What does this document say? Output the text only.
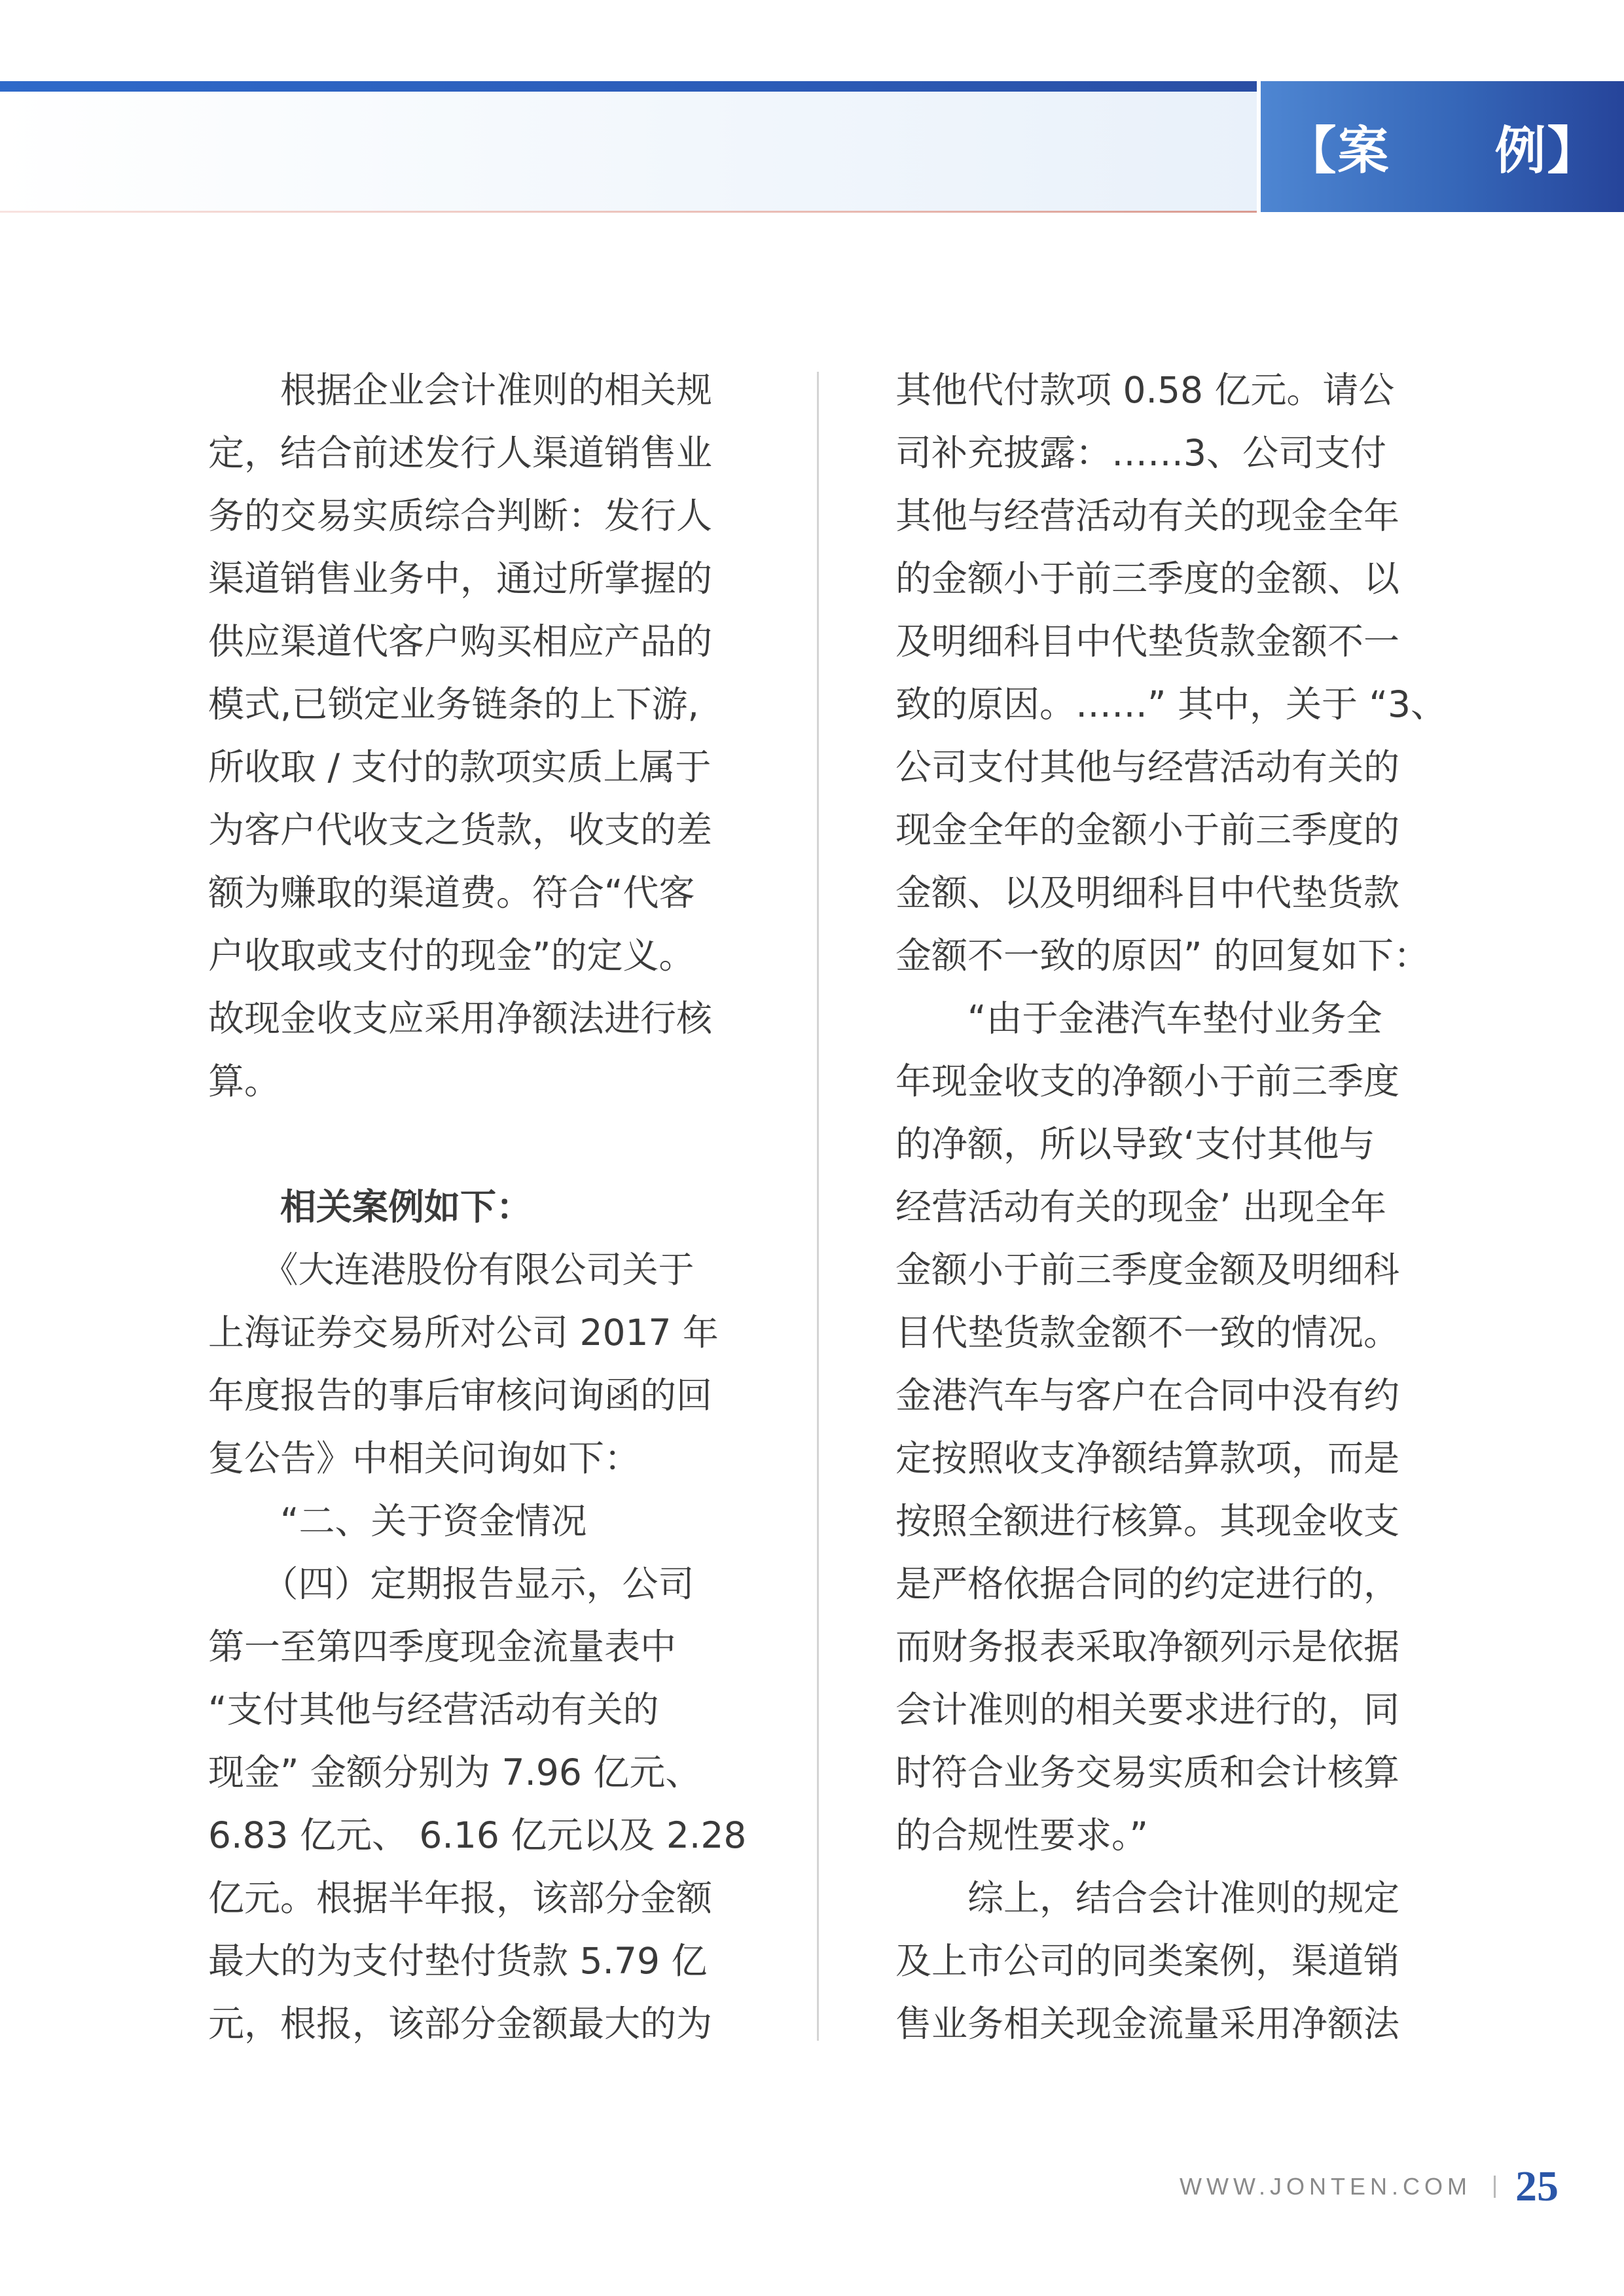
【案　　例】
　　根据企业会计准则的相关规
定，结合前述发行人渠道销售业
务的交易实质综合判断：发行人
渠道销售业务中，通过所掌握的
供应渠道代客户购买相应产品的
模式,已锁定业务链条的上下游,
所收取 / 支付的款项实质上属于
为客户代收支之货款，收支的差
额为赚取的渠道费。符合“代客
户收取或支付的现金”的定义。
故现金收支应采用净额法进行核
算。
　　相关案例如下：
　　《大连港股份有限公司关于
上海证券交易所对公司 2017 年
年度报告的事后审核问询函的回
复公告》中相关问询如下：
　　“二、关于资金情况
　　（四）定期报告显示，公司
第一至第四季度现金流量表中
“支付其他与经营活动有关的
现金” 金额分别为 7.96 亿元、
6.83 亿元、 6.16 亿元以及 2.28
亿元。根据半年报，该部分金额
最大的为支付垫付货款 5.79 亿
元，根报，该部分金额最大的为
其他代付款项 0.58 亿元。请公
司补充披露：……3、公司支付
其他与经营活动有关的现金全年
的金额小于前三季度的金额、以
及明细科目中代垫货款金额不一
致的原因。……” 其中，关于 “3、
公司支付其他与经营活动有关的
现金全年的金额小于前三季度的
金额、以及明细科目中代垫货款
金额不一致的原因” 的回复如下：
　　“由于金港汽车垫付业务全
年现金收支的净额小于前三季度
的净额，所以导致‘支付其他与
经营活动有关的现金’ 出现全年
金额小于前三季度金额及明细科
目代垫货款金额不一致的情况。
金港汽车与客户在合同中没有约
定按照收支净额结算款项，而是
按照全额进行核算。其现金收支
是严格依据合同的约定进行的，
而财务报表采取净额列示是依据
会计准则的相关要求进行的，同
时符合业务交易实质和会计核算
的合规性要求。”
　　综上，结合会计准则的规定
及上市公司的同类案例，渠道销
售业务相关现金流量采用净额法
WWW.JONTEN.COM 25
